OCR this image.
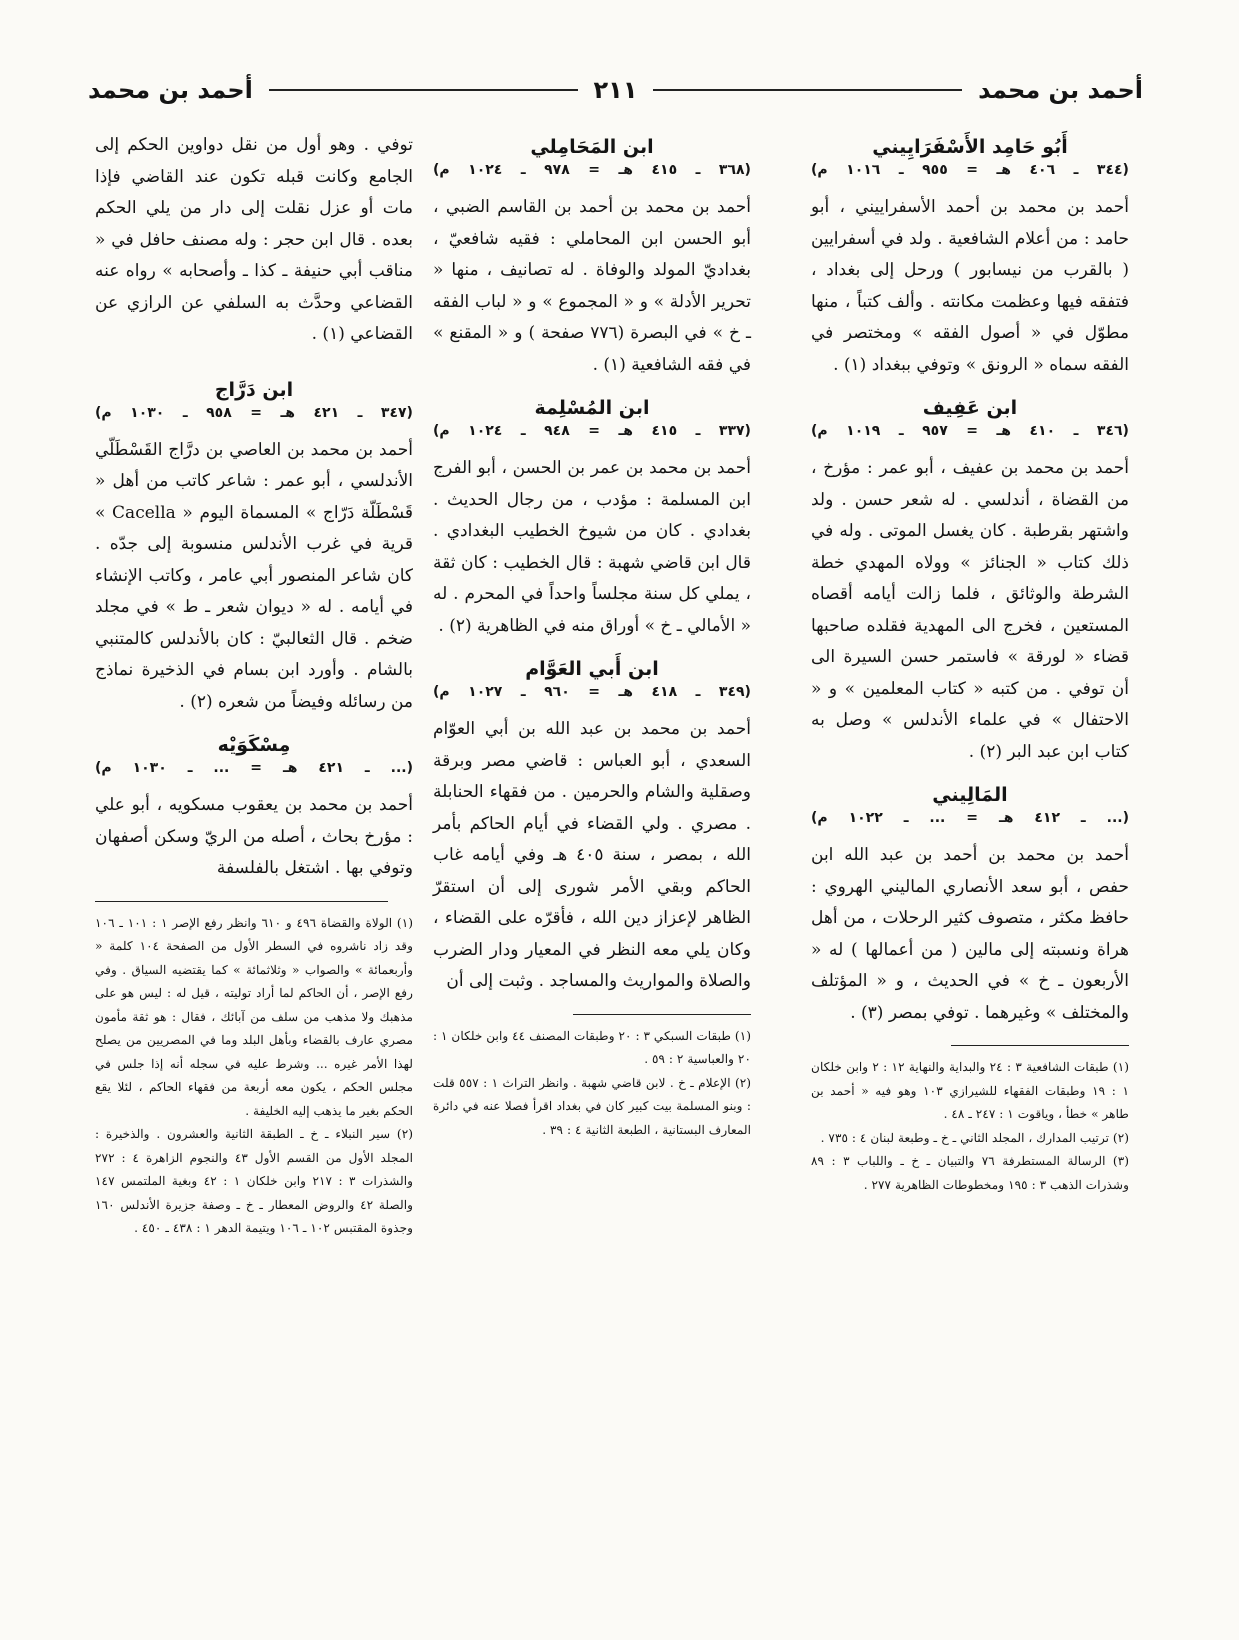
أحمد بن محمد
٢١١
أحمد بن محمد
أَبُو حَامِد الأَسْفَرَايِيني
(٣٤٤ ـ ٤٠٦ هـ = ٩٥٥ ـ ١٠١٦ م)

أحمد بن محمد بن أحمد الأسفراييني ، أبو حامد : من أعلام الشافعية . ولد في أسفرايين ( بالقرب من نيسابور ) ورحل إلى بغداد ، فتفقه فيها وعظمت مكانته . وألف كتباً ، منها مطوّل في « أصول الفقه » ومختصر في الفقه سماه « الرونق » وتوفي ببغداد (١) .

ابن عَفِيف
(٣٤٦ ـ ٤١٠ هـ = ٩٥٧ ـ ١٠١٩ م)

أحمد بن محمد بن عفيف ، أبو عمر : مؤرخ ، من القضاة ، أندلسي . له شعر حسن . ولد واشتهر بقرطبة . كان يغسل الموتى . وله في ذلك كتاب « الجنائز » وولاه المهدي خطة الشرطة والوثائق ، فلما زالت أيامه أقصاه المستعين ، فخرج الى المهدية فقلده صاحبها قضاء « لورقة » فاستمر حسن السيرة الى أن توفي . من كتبه « كتاب المعلمين » و « الاحتفال » في علماء الأندلس » وصل به كتاب ابن عبد البر (٢) .

المَالِيني
(... ـ ٤١٢ هـ = ... ـ ١٠٢٢ م)

أحمد بن محمد بن أحمد بن عبد الله ابن حفص ، أبو سعد الأنصاري الماليني الهروي : حافظ مكثر ، متصوف كثير الرحلات ، من أهل هراة ونسبته إلى مالين ( من أعمالها ) له « الأربعون ـ خ » في الحديث ، و « المؤتلف والمختلف » وغيرهما . توفي بمصر (٣) .

(١) طبقات الشافعية ٣ : ٢٤ والبداية والنهاية ١٢ : ٢ وابن خلكان ١ : ١٩ وطبقات الفقهاء للشيرازي ١٠٣ وهو فيه « أحمد بن طاهر » خطأ ، وياقوت ١ : ٢٤٧ ـ ٤٨ .

(٢) ترتيب المدارك ، المجلد الثاني ـ خ ـ وطبعة لبنان ٤ : ٧٣٥ .

(٣) الرسالة المستطرفة ٧٦ والتبيان ـ خ ـ واللباب ٣ : ٨٩ وشذرات الذهب ٣ : ١٩٥ ومخطوطات الظاهرية ٢٧٧ .

ابن المَحَامِلي
(٣٦٨ ـ ٤١٥ هـ = ٩٧٨ ـ ١٠٢٤ م)

أحمد بن محمد بن أحمد بن القاسم الضبي ، أبو الحسن ابن المحاملي : فقيه شافعيّ ، بغداديّ المولد والوفاة . له تصانيف ، منها « تحرير الأدلة » و « المجموع » و « لباب الفقه ـ خ » في البصرة (٧٧٦ صفحة ) و « المقنع » في فقه الشافعية (١) .

ابن المُسْلِمة
(٣٣٧ ـ ٤١٥ هـ = ٩٤٨ ـ ١٠٢٤ م)

أحمد بن محمد بن عمر بن الحسن ، أبو الفرج ابن المسلمة : مؤدب ، من رجال الحديث . بغدادي . كان من شيوخ الخطيب البغدادي . قال ابن قاضي شهبة : قال الخطيب : كان ثقة ، يملي كل سنة مجلساً واحداً في المحرم . له « الأمالي ـ خ » أوراق منه في الظاهرية (٢) .

ابن أَبي العَوَّام
(٣٤٩ ـ ٤١٨ هـ = ٩٦٠ ـ ١٠٢٧ م)

أحمد بن محمد بن عبد الله بن أبي العوّام السعدي ، أبو العباس : قاضي مصر وبرقة وصقلية والشام والحرمين . من فقهاء الحنابلة . مصري . ولي القضاء في أيام الحاكم بأمر الله ، بمصر ، سنة ٤٠٥ هـ وفي أيامه غاب الحاكم وبقي الأمر شورى إلى أن استقرّ الظاهر لإعزاز دين الله ، فأقرّه على القضاء ، وكان يلي معه النظر في المعيار ودار الضرب والصلاة والمواريث والمساجد . وثبت إلى أن

(١) طبقات السبكي ٣ : ٢٠ وطبقات المصنف ٤٤ وابن خلكان ١ : ٢٠ والعباسية ٢ : ٥٩ .

(٢) الإعلام ـ خ . لابن قاضي شهبة . وانظر التراث ١ : ٥٥٧ قلت : وبنو المسلمة بيت كبير كان في بغداد اقرأ فصلا عنه في دائرة المعارف البستانية ، الطبعة الثانية ٤ : ٣٩ .

توفي . وهو أول من نقل دواوين الحكم إلى الجامع وكانت قبله تكون عند القاضي فإذا مات أو عزل نقلت إلى دار من يلي الحكم بعده . قال ابن حجر : وله مصنف حافل في « مناقب أبي حنيفة ـ كذا ـ وأصحابه » رواه عنه القضاعي وحدَّث به السلفي عن الرازي عن القضاعي (١) .

ابن دَرَّاج
(٣٤٧ ـ ٤٢١ هـ = ٩٥٨ ـ ١٠٣٠ م)

أحمد بن محمد بن العاصي بن درَّاج القَسْطَلّي الأندلسي ، أبو عمر : شاعر كاتب من أهل « قَسْطَلّة دَرّاج » المسماة اليوم « Cacella » قرية في غرب الأندلس منسوبة إلى جدّه . كان شاعر المنصور أبي عامر ، وكاتب الإنشاء في أيامه . له « ديوان شعر ـ ط » في مجلد ضخم . قال الثعالبيّ : كان بالأندلس كالمتنبي بالشام . وأورد ابن بسام في الذخيرة نماذج من رسائله وفيضاً من شعره (٢) .

مِسْكَوَيْه
(... ـ ٤٢١ هـ = ... ـ ١٠٣٠ م)

أحمد بن محمد بن يعقوب مسكويه ، أبو علي : مؤرخ بحاث ، أصله من الريّ وسكن أصفهان وتوفي بها . اشتغل بالفلسفة

(١) الولاة والقضاة ٤٩٦ و ٦١٠ وانظر رفع الإصر ١ : ١٠١ ـ ١٠٦ وقد زاد ناشروه في السطر الأول من الصفحة ١٠٤ كلمة « وأربعمائة » والصواب « وثلاثمائة » كما يقتضيه السياق . وفي رفع الإصر ، أن الحاكم لما أراد توليته ، قيل له : ليس هو على مذهبك ولا مذهب من سلف من آبائك ، فقال : هو ثقة مأمون مصري عارف بالقضاء وبأهل البلد وما في المصريين من يصلح لهذا الأمر غيره ... وشرط عليه في سجله أنه إذا جلس في مجلس الحكم ، يكون معه أربعة من فقهاء الحاكم ، لئلا يقع الحكم بغير ما يذهب إليه الخليفة .

(٢) سير النبلاء ـ خ ـ الطبقة الثانية والعشرون . والذخيرة : المجلد الأول من القسم الأول ٤٣ والنجوم الزاهرة ٤ : ٢٧٢ والشذرات ٣ : ٢١٧ وابن خلكان ١ : ٤٢ وبغية الملتمس ١٤٧ والصلة ٤٢ والروض المعطار ـ خ ـ وصفة جزيرة الأندلس ١٦٠ وجذوة المقتبس ١٠٢ ـ ١٠٦ ويتيمة الدهر ١ : ٤٣٨ ـ ٤٥٠ .
